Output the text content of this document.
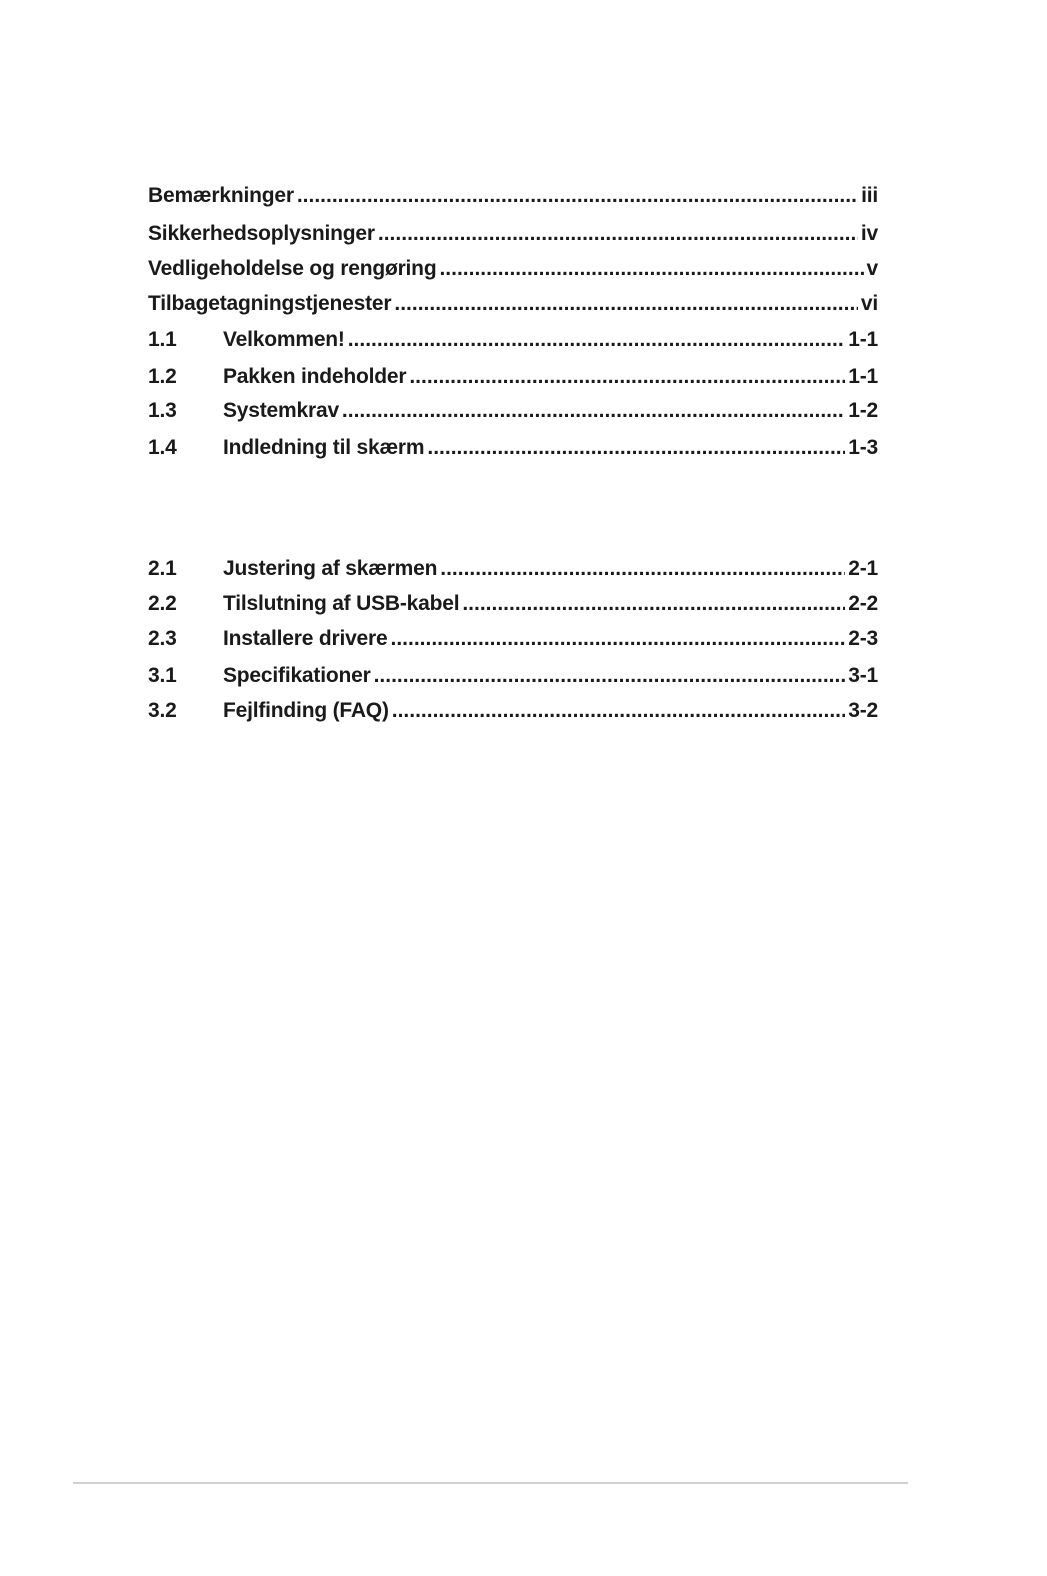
Bemærkninger .....	iii
Sikkerhedsoplysninger .....	iv
Vedligeholdelse og rengøring .....	v
Tilbagetagningstjenester .....	vi
1.1	Velkommen! .....	1-1
1.2	Pakken indeholder .....	1-1
1.3	Systemkrav .....	1-2
1.4	Indledning til skærm .....	1-3
2.1	Justering af skærmen .....	2-1
2.2	Tilslutning af USB-kabel .....	2-2
2.3	Installere drivere .....	2-3
3.1	Specifikationer .....	3-1
3.2	Fejlfinding (FAQ) .....	3-2
